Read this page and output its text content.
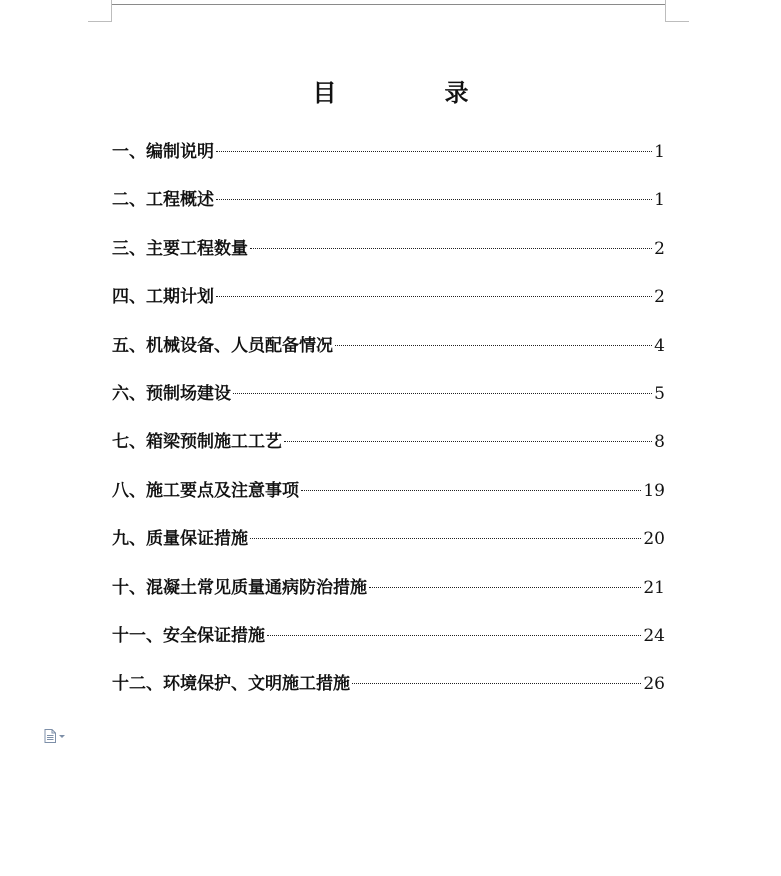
目　录
一、编制说明	1
二、工程概述	1
三、主要工程数量	2
四、工期计划	2
五、机械设备、人员配备情况	4
六、预制场建设	5
七、箱梁预制施工工艺	8
八、施工要点及注意事项	19
九、质量保证措施	20
十、混凝土常见质量通病防治措施	21
十一、安全保证措施	24
十二、环境保护、文明施工措施	26
